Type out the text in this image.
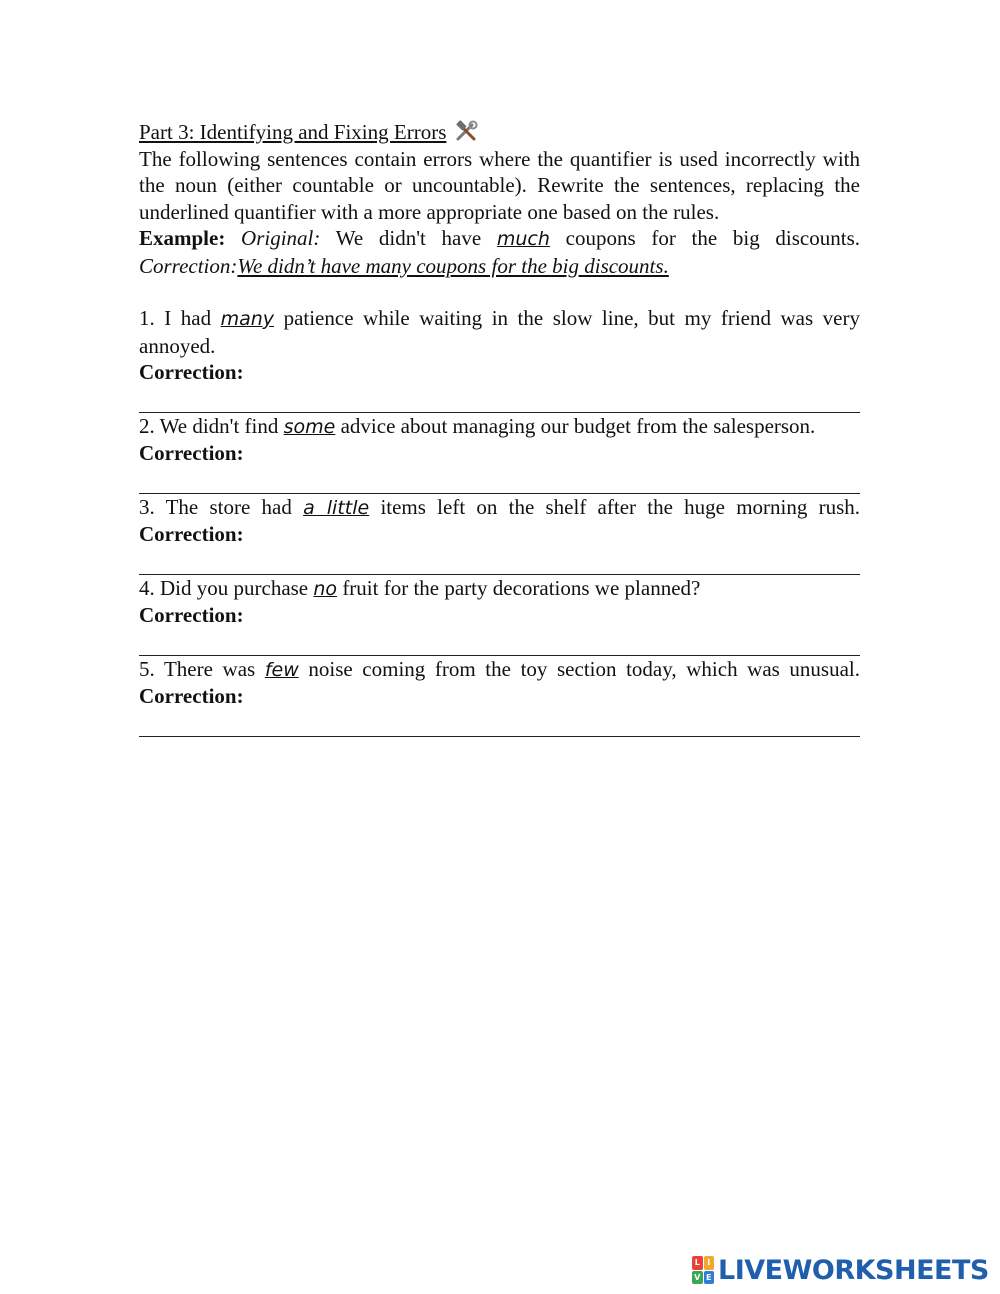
Part 3: Identifying and Fixing Errors
The following sentences contain errors where the quantifier is used incorrectly with the noun (either countable or uncountable). Rewrite the sentences, replacing the underlined quantifier with a more appropriate one based on the rules.
Example: Original: We didn't have much coupons for the big discounts.
Correction:We didn’t have many coupons for the big discounts.
1. I had many patience while waiting in the slow line, but my friend was very annoyed.
Correction:
2. We didn't find some advice about managing our budget from the salesperson.
Correction:
3. The store had a little items left on the shelf after the huge morning rush.
Correction:
4. Did you purchase no fruit for the party decorations we planned?
Correction:
5. There was few noise coming from the toy section today, which was unusual.
Correction:
L I
V E LIVEWORKSHEETS
